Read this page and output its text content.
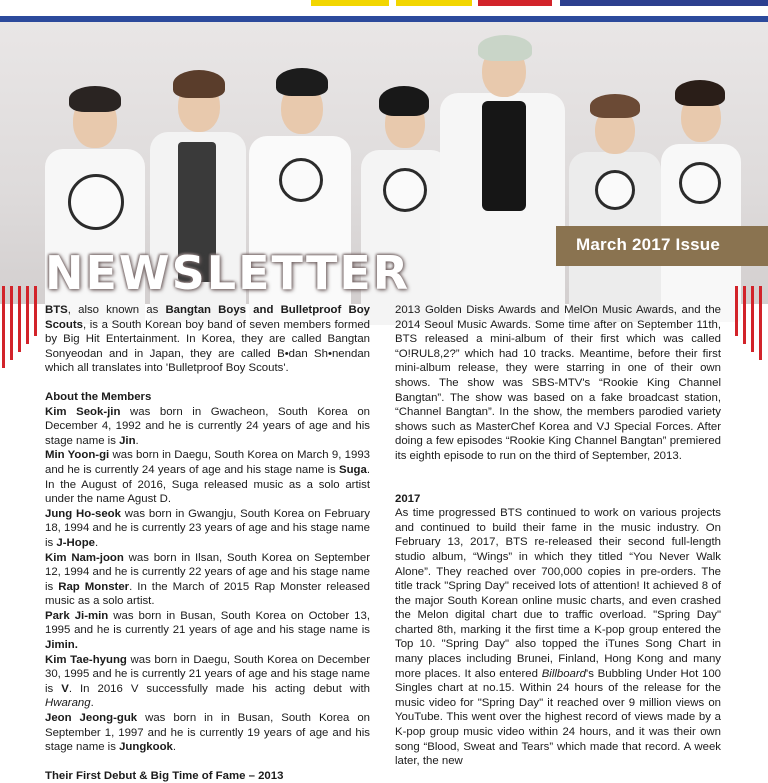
March 2017 Issue
NEWSLETTER

BTS, also known as Bangtan Boys and Bulletproof Boy Scouts, is a South Korean boy band of seven members formed by Big Hit Entertainment. In Korea, they are called Bangtan Sonyeodan and in Japan, they are called B•dan Sh•nendan which all translates into 'Bulletproof Boy Scouts'.

About the Members

Kim Seok-jin was born in Gwacheon, South Korea on December 4, 1992 and he is currently 24 years of age and his stage name is Jin.

Min Yoon-gi was born in Daegu, South Korea on March 9, 1993 and he is currently 24 years of age and his stage name is Suga. In the August of 2016, Suga released music as a solo artist under the name Agust D.

Jung Ho-seok was born in Gwangju, South Korea on February 18, 1994 and he is currently 23 years of age and his stage name is J-Hope.

Kim Nam-joon was born in Ilsan, South Korea on September 12, 1994 and he is currently 22 years of age and his stage name is Rap Monster. In the March of 2015 Rap Monster released music as a solo artist.

Park Ji-min was born in Busan, South Korea on October 13, 1995 and he is currently 21 years of age and his stage name is Jimin.

Kim Tae-hyung was born in Daegu, South Korea on December 30, 1995 and he is currently 21 years of age and his stage name is V. In 2016 V successfully made his acting debut with Hwarang.

Jeon Jeong-guk was born in in Busan, South Korea on September 1, 1997 and he is currently 19 years of age and his stage name is Jungkook.

Their First Debut & Big Time of Fame – 2013

2013 Golden Disks Awards and MelOn Music Awards, and the 2014 Seoul Music Awards. Some time after on September 11th, BTS released a mini-album of their first which was called “O!RUL8,2?” which had 10 tracks. Meantime, before their first mini-album release, they were starring in one of their own shows. The show was SBS-MTV's “Rookie King Channel Bangtan”. The show was based on a fake broadcast station, “Channel Bangtan”. In the show, the members parodied variety shows such as MasterChef Korea and VJ Special Forces. After doing a few episodes “Rookie King Channel Bangtan” premiered its eighth episode to run on the third of September, 2013.

2017

As time progressed BTS continued to work on various projects and continued to build their fame in the music industry. On February 13, 2017, BTS re-released their second full-length studio album, “Wings” in which they titled “You Never Walk Alone”. They reached over 700,000 copies in pre-orders. The title track "Spring Day" received lots of attention! It achieved 8 of the major South Korean online music charts, and even crashed the Melon digital chart due to traffic overload. "Spring Day" charted 8th, marking it the first time a K-pop group entered the Top 10. "Spring Day" also topped the iTunes Song Chart in many places including Brunei, Finland, Hong Kong and many more places. It also entered Billboard's Bubbling Under Hot 100 Singles chart at no.15. Within 24 hours of the release for the music video for "Spring Day" it reached over 9 million views on YouTube. This went over the highest record of views made by a K-pop group music video within 24 hours, and it was their own song “Blood, Sweat and Tears” which made that record. A week later, the new
